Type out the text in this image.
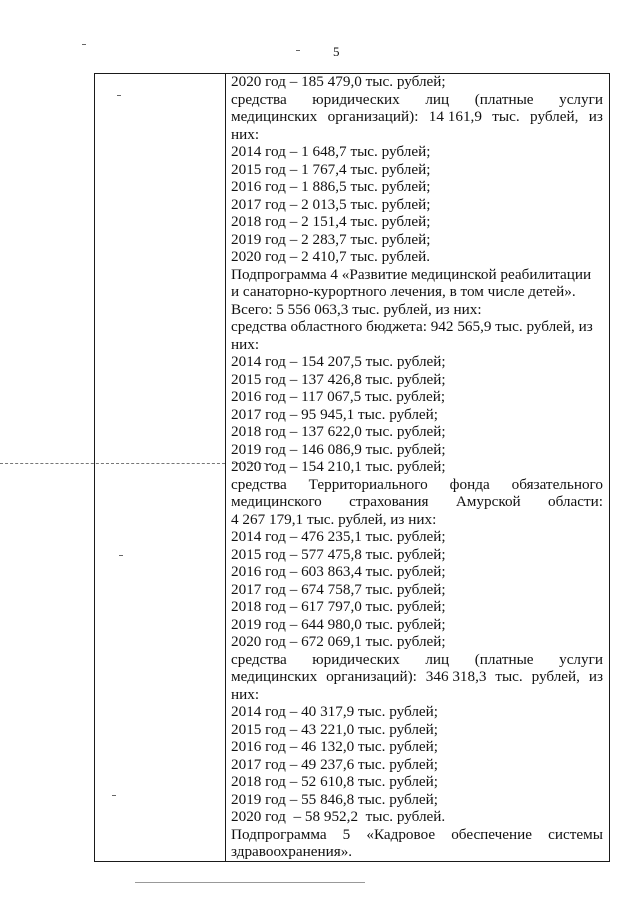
5
2020 год – 185 479,0 тыс. рублей;
средства юридических лиц (платные услуги
медицинских организаций): 14 161,9 тыс. рублей, из
них:
2014 год – 1 648,7 тыс. рублей;
2015 год – 1 767,4 тыс. рублей;
2016 год – 1 886,5 тыс. рублей;
2017 год – 2 013,5 тыс. рублей;
2018 год – 2 151,4 тыс. рублей;
2019 год – 2 283,7 тыс. рублей;
2020 год – 2 410,7 тыс. рублей.
Подпрограмма 4 «Развитие медицинской реабилитации
и санаторно-курортного лечения, в том числе детей».
Всего: 5 556 063,3 тыс. рублей, из них:
средства областного бюджета: 942 565,9 тыс. рублей, из
них:
2014 год – 154 207,5 тыс. рублей;
2015 год – 137 426,8 тыс. рублей;
2016 год – 117 067,5 тыс. рублей;
2017 год – 95 945,1 тыс. рублей;
2018 год – 137 622,0 тыс. рублей;
2019 год – 146 086,9 тыс. рублей;
2020 год – 154 210,1 тыс. рублей;
средства Территориального фонда обязательного
медицинского страхования Амурской области:
4 267 179,1 тыс. рублей, из них:
2014 год – 476 235,1 тыс. рублей;
2015 год – 577 475,8 тыс. рублей;
2016 год – 603 863,4 тыс. рублей;
2017 год – 674 758,7 тыс. рублей;
2018 год – 617 797,0 тыс. рублей;
2019 год – 644 980,0 тыс. рублей;
2020 год – 672 069,1 тыс. рублей;
средства юридических лиц (платные услуги
медицинских организаций): 346 318,3 тыс. рублей, из
них:
2014 год – 40 317,9 тыс. рублей;
2015 год – 43 221,0 тыс. рублей;
2016 год – 46 132,0 тыс. рублей;
2017 год – 49 237,6 тыс. рублей;
2018 год – 52 610,8 тыс. рублей;
2019 год – 55 846,8 тыс. рублей;
2020 год  – 58 952,2  тыс. рублей.
Подпрограмма 5 «Кадровое обеспечение системы
здравоохранения».
